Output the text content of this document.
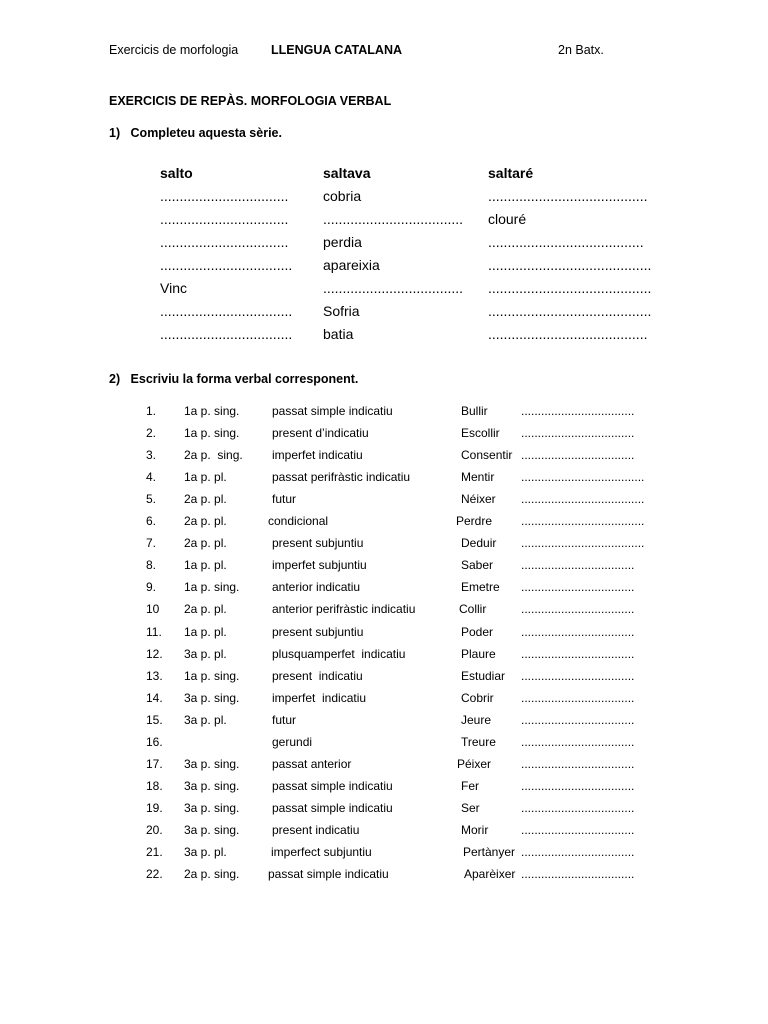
Exercicis de morfologia	LLENGUA CATALANA	2n Batx.
EXERCICIS DE REPÀS. MORFOLOGIA VERBAL
1)   Completeu aquesta sèrie.
salto	saltava	saltaré
................................. cobria	.........................................
................................. .................................... clouré
................................. perdia	........................................
.................................. apareixia	..........................................
Vinc	.................................... ..........................................
.................................. Sofria	..........................................
.................................. batia	.........................................
2)   Escriviu la forma verbal corresponent.
1. 1a p. sing.	passat simple indicatiu	Bullir	..................................
2. 1a p. sing.	present d’indicatiu	Escollir ..................................
3. 2a p.  sing. imperfet indicatiu	Consentir ..................................
4. 1a p. pl.	passat perifràstic indicatiu	Mentir .....................................
5. 2a p. pl.	futur	Néixer .....................................
6. 2a p. pl.	condicional	Perdre .....................................
7. 2a p. pl.	present subjuntiu	Deduir .....................................
8. 1a p. pl.	imperfet subjuntiu	Saber ..................................
9. 1a p. sing.	anterior indicatiu	Emetre ..................................
10 2a p. pl.	anterior perifràstic indicatiu	Collir	..................................
11. 1a p. pl.	present subjuntiu	Poder ..................................
12. 3a p. pl.	plusquamperfet  indicatiu	Plaure ..................................
13. 1a p. sing.	present  indicatiu	Estudiar ..................................
14. 3a p. sing.	imperfet  indicatiu	Cobrir ..................................
15. 3a p. pl.	futur	Jeure ..................................
16.	gerundi	Treure ..................................
17. 3a p. sing.	passat anterior	Péixer ..................................
18. 3a p. sing.	passat simple indicatiu	Fer	..................................
19. 3a p. sing.	passat simple indicatiu	Ser	..................................
20. 3a p. sing.	present indicatiu	Morir	..................................
21. 3a p. pl.	imperfect subjuntiu	Pertànyer ..................................
22. 2a p. sing. passat simple indicatiu	Aparèixer ..................................
